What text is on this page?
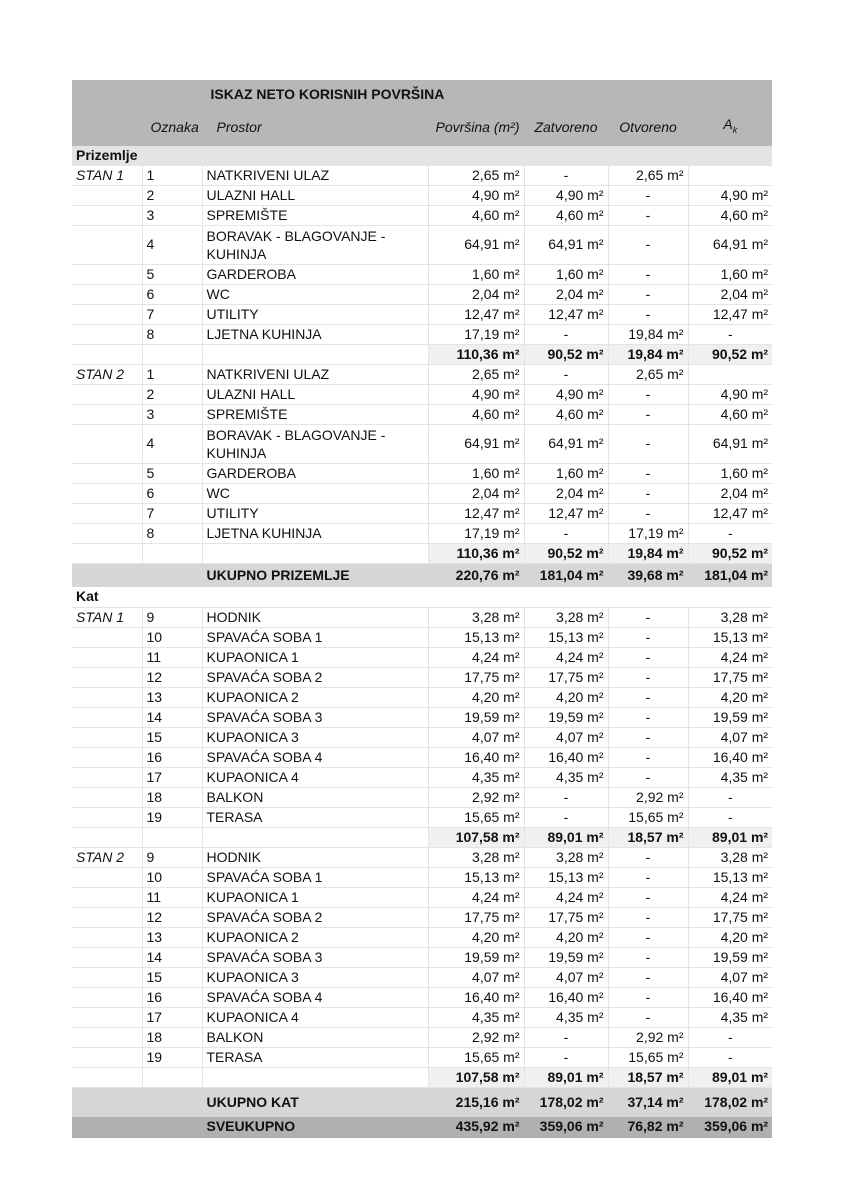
		ISKAZ NETO KORISNIH POVRŠINA				
	Oznaka	Prostor	Površina (m²)	Zatvoreno	Otvoreno	$A_k$
Prizemlje						
STAN 1	1	NATKRIVENI ULAZ	2,65 m²	-	2,65 m²	
	2	ULAZNI HALL	4,90 m²	4,90 m²	-	4,90 m²
	3	SPREMIŠTE	4,60 m²	4,60 m²	-	4,60 m²
	4	BORAVAK - BLAGOVANJE - KUHINJA	64,91 m²	64,91 m²	-	64,91 m²
	5	GARDEROBA	1,60 m²	1,60 m²	-	1,60 m²
	6	WC	2,04 m²	2,04 m²	-	2,04 m²
	7	UTILITY	12,47 m²	12,47 m²	-	12,47 m²
	8	LJETNA KUHINJA	17,19 m²	-	19,84 m²	-
			110,36 m²	90,52 m²	19,84 m²	90,52 m²
STAN 2	1	NATKRIVENI ULAZ	2,65 m²	-	2,65 m²	
	2	ULAZNI HALL	4,90 m²	4,90 m²	-	4,90 m²
	3	SPREMIŠTE	4,60 m²	4,60 m²	-	4,60 m²
	4	BORAVAK - BLAGOVANJE - KUHINJA	64,91 m²	64,91 m²	-	64,91 m²
	5	GARDEROBA	1,60 m²	1,60 m²	-	1,60 m²
	6	WC	2,04 m²	2,04 m²	-	2,04 m²
	7	UTILITY	12,47 m²	12,47 m²	-	12,47 m²
	8	LJETNA KUHINJA	17,19 m²	-	17,19 m²	-
			110,36 m²	90,52 m²	19,84 m²	90,52 m²
		UKUPNO PRIZEMLJE	220,76 m²	181,04 m²	39,68 m²	181,04 m²
Kat						
STAN 1	9	HODNIK	3,28 m²	3,28 m²	-	3,28 m²
	10	SPAVAĆA SOBA 1	15,13 m²	15,13 m²	-	15,13 m²
	11	KUPAONICA 1	4,24 m²	4,24 m²	-	4,24 m²
	12	SPAVAĆA SOBA 2	17,75 m²	17,75 m²	-	17,75 m²
	13	KUPAONICA 2	4,20 m²	4,20 m²	-	4,20 m²
	14	SPAVAĆA SOBA 3	19,59 m²	19,59 m²	-	19,59 m²
	15	KUPAONICA 3	4,07 m²	4,07 m²	-	4,07 m²
	16	SPAVAĆA SOBA 4	16,40 m²	16,40 m²	-	16,40 m²
	17	KUPAONICA 4	4,35 m²	4,35 m²	-	4,35 m²
	18	BALKON	2,92 m²	-	2,92 m²	-
	19	TERASA	15,65 m²	-	15,65 m²	-
			107,58 m²	89,01 m²	18,57 m²	89,01 m²
STAN 2	9	HODNIK	3,28 m²	3,28 m²	-	3,28 m²
	10	SPAVAĆA SOBA 1	15,13 m²	15,13 m²	-	15,13 m²
	11	KUPAONICA 1	4,24 m²	4,24 m²	-	4,24 m²
	12	SPAVAĆA SOBA 2	17,75 m²	17,75 m²	-	17,75 m²
	13	KUPAONICA 2	4,20 m²	4,20 m²	-	4,20 m²
	14	SPAVAĆA SOBA 3	19,59 m²	19,59 m²	-	19,59 m²
	15	KUPAONICA 3	4,07 m²	4,07 m²	-	4,07 m²
	16	SPAVAĆA SOBA 4	16,40 m²	16,40 m²	-	16,40 m²
	17	KUPAONICA 4	4,35 m²	4,35 m²	-	4,35 m²
	18	BALKON	2,92 m²	-	2,92 m²	-
	19	TERASA	15,65 m²	-	15,65 m²	-
			107,58 m²	89,01 m²	18,57 m²	89,01 m²
		UKUPNO KAT	215,16 m²	178,02 m²	37,14 m²	178,02 m²
		SVEUKUPNO	435,92 m²	359,06 m²	76,82 m²	359,06 m²
